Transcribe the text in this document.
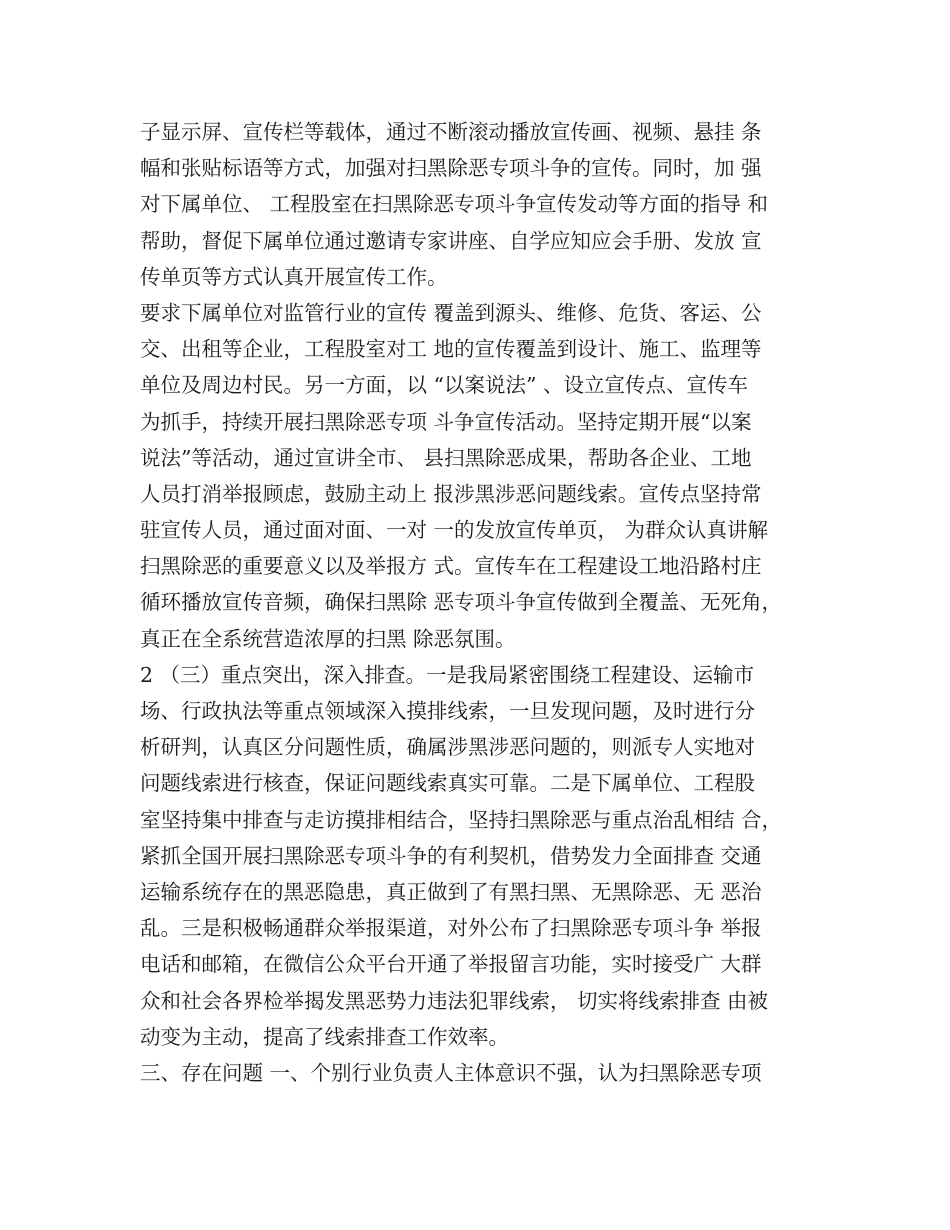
子显示屏、宣传栏等载体，通过不断滚动播放宣传画、视频、悬挂 条
幅和张贴标语等方式，加强对扫黑除恶专项斗争的宣传。同时，加 强
对下属单位、 工程股室在扫黑除恶专项斗争宣传发动等方面的指导 和
帮助，督促下属单位通过邀请专家讲座、自学应知应会手册、发放 宣
传单页等方式认真开展宣传工作。
要求下属单位对监管行业的宣传 覆盖到源头、维修、危货、客运、公
交、出租等企业，工程股室对工 地的宣传覆盖到设计、施工、监理等
单位及周边村民。另一方面，以 “以案说法” 、设立宣传点、宣传车
为抓手，持续开展扫黑除恶专项 斗争宣传活动。坚持定期开展“以案
说法”等活动，通过宣讲全市、 县扫黑除恶成果，帮助各企业、工地
人员打消举报顾虑，鼓励主动上 报涉黑涉恶问题线索。宣传点坚持常
驻宣传人员，通过面对面、一对 一的发放宣传单页， 为群众认真讲解
扫黑除恶的重要意义以及举报方 式。宣传车在工程建设工地沿路村庄
循环播放宣传音频，确保扫黑除 恶专项斗争宣传做到全覆盖、无死角，
真正在全系统营造浓厚的扫黑 除恶氛围。
2 （三）重点突出，深入排查。一是我局紧密围绕工程建设、运输市
场、行政执法等重点领域深入摸排线索，一旦发现问题，及时进行分
析研判，认真区分问题性质，确属涉黑涉恶问题的，则派专人实地对
问题线索进行核查，保证问题线索真实可靠。二是下属单位、工程股
室坚持集中排查与走访摸排相结合，坚持扫黑除恶与重点治乱相结 合，
紧抓全国开展扫黑除恶专项斗争的有利契机，借势发力全面排查 交通
运输系统存在的黑恶隐患，真正做到了有黑扫黑、无黑除恶、无 恶治
乱。三是积极畅通群众举报渠道，对外公布了扫黑除恶专项斗争 举报
电话和邮箱，在微信公众平台开通了举报留言功能，实时接受广 大群
众和社会各界检举揭发黑恶势力违法犯罪线索， 切实将线索排查 由被
动变为主动，提高了线索排查工作效率。
三、存在问题 一、个别行业负责人主体意识不强，认为扫黑除恶专项
